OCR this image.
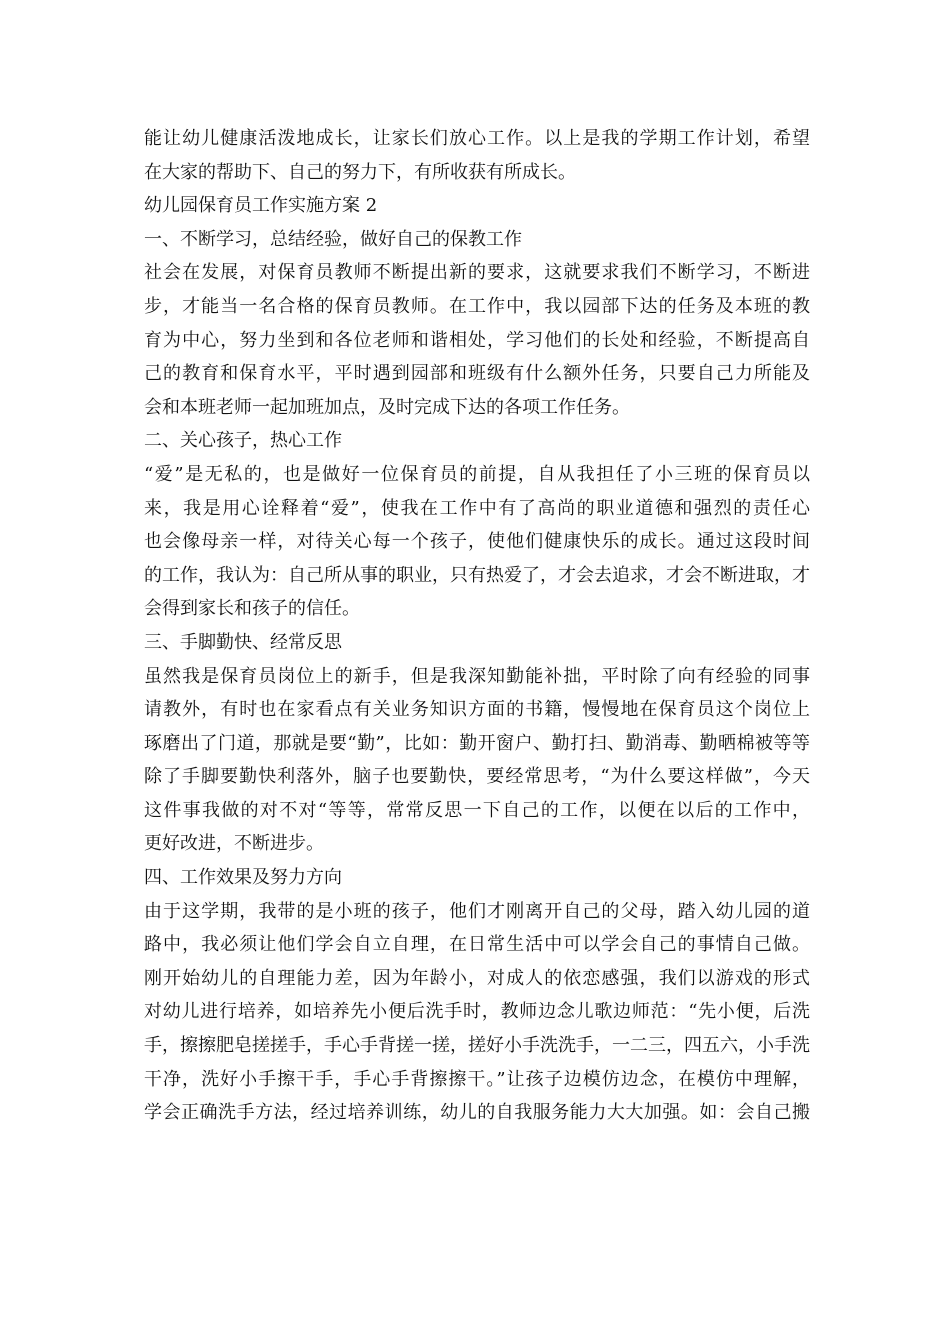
能让幼儿健康活泼地成长，让家长们放心工作。以上是我的学期工作计划，希望
在大家的帮助下、自己的努力下，有所收获有所成长。
幼儿园保育员工作实施方案 2
一、不断学习，总结经验，做好自己的保教工作
社会在发展，对保育员教师不断提出新的要求，这就要求我们不断学习，不断进
步，才能当一名合格的保育员教师。在工作中，我以园部下达的任务及本班的教
育为中心，努力坐到和各位老师和谐相处，学习他们的长处和经验，不断提高自
己的教育和保育水平，平时遇到园部和班级有什么额外任务，只要自己力所能及
会和本班老师一起加班加点，及时完成下达的各项工作任务。
二、关心孩子，热心工作
“爱”是无私的，也是做好一位保育员的前提，自从我担任了小三班的保育员以
来，我是用心诠释着“爱”，使我在工作中有了高尚的职业道德和强烈的责任心
也会像母亲一样，对待关心每一个孩子，使他们健康快乐的成长。通过这段时间
的工作，我认为：自己所从事的职业，只有热爱了，才会去追求，才会不断进取，才
会得到家长和孩子的信任。
三、手脚勤快、经常反思
虽然我是保育员岗位上的新手，但是我深知勤能补拙，平时除了向有经验的同事
请教外，有时也在家看点有关业务知识方面的书籍，慢慢地在保育员这个岗位上
琢磨出了门道，那就是要“勤”，比如：勤开窗户、勤打扫、勤消毒、勤晒棉被等等
除了手脚要勤快利落外，脑子也要勤快，要经常思考，“为什么要这样做”，今天
这件事我做的对不对“等等，常常反思一下自己的工作，以便在以后的工作中，
更好改进，不断进步。
四、工作效果及努力方向
由于这学期，我带的是小班的孩子，他们才刚离开自己的父母，踏入幼儿园的道
路中，我必须让他们学会自立自理，在日常生活中可以学会自己的事情自己做。
刚开始幼儿的自理能力差，因为年龄小，对成人的依恋感强，我们以游戏的形式
对幼儿进行培养，如培养先小便后洗手时，教师边念儿歌边师范：“先小便，后洗
手，擦擦肥皂搓搓手，手心手背搓一搓，搓好小手洗洗手，一二三，四五六，小手洗
干净，洗好小手擦干手，手心手背擦擦干。”让孩子边模仿边念，在模仿中理解，
学会正确洗手方法，经过培养训练，幼儿的自我服务能力大大加强。如：会自己搬
